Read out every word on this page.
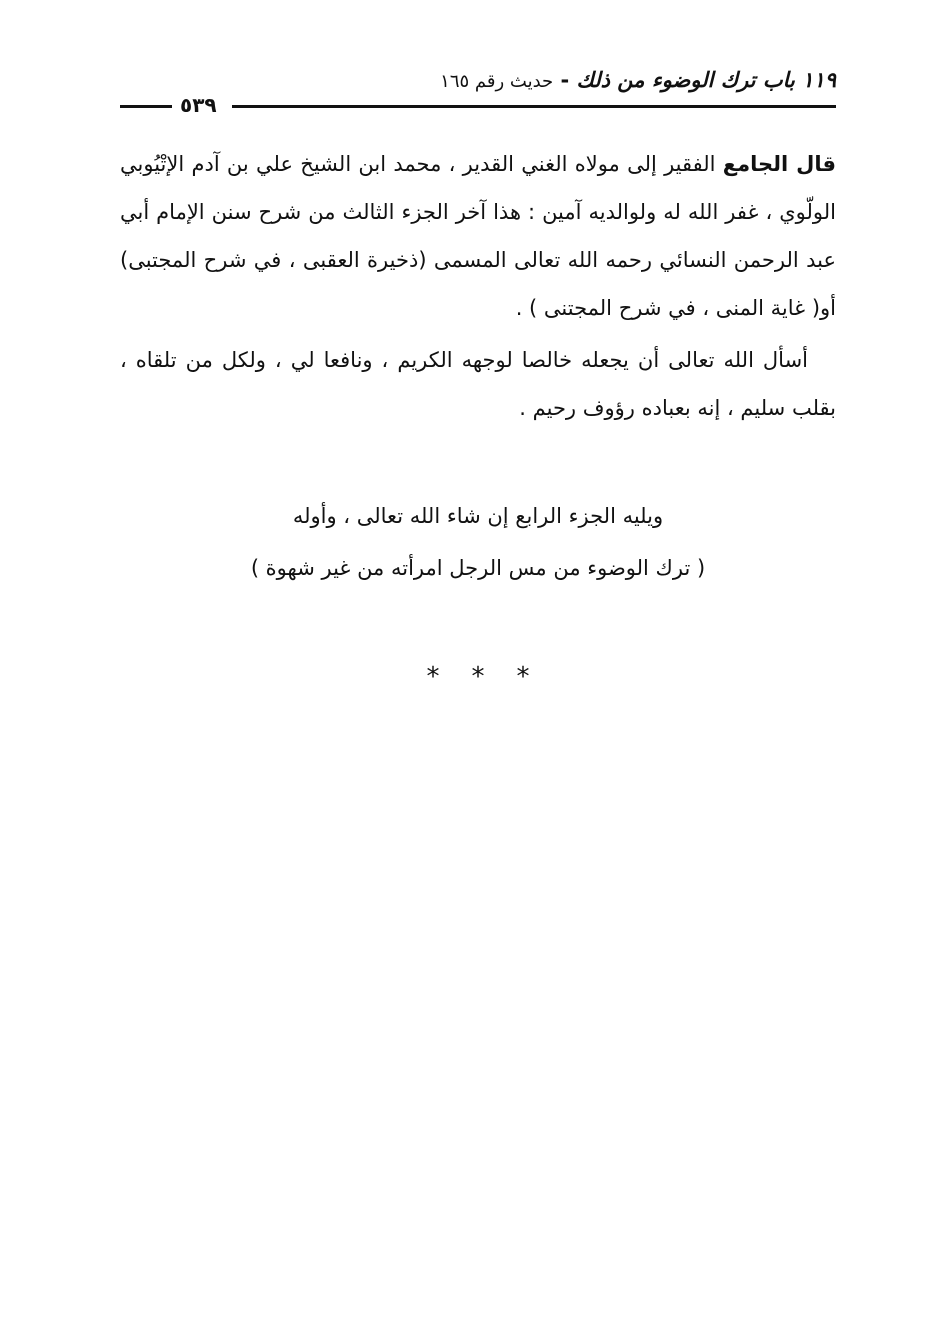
١١٩ باب ترك الوضوء من ذلك - حديث رقم ١٦٥
٥٣٩

قال الجامع الفقير إلى مولاه الغني القدير ، محمد ابن الشيخ علي بن آدم الإتْيُوبي الولّوي ، غفر الله له ولوالديه آمين : هذا آخر الجزء الثالث من شرح سنن الإمام أبي عبد الرحمن النسائي رحمه الله تعالى المسمى (ذخيرة العقبى ، في شرح المجتبى) أو( غاية المنى ، في شرح المجتنى ) .

أسأل الله تعالى أن يجعله خالصا لوجهه الكريم ، ونافعا لي ، ولكل من تلقاه ، بقلب سليم ، إنه بعباده رؤوف رحيم .

ويليه الجزء الرابع إن شاء الله تعالى ، وأوله
( ترك الوضوء من مس الرجل امرأته من غير شهوة )
***
